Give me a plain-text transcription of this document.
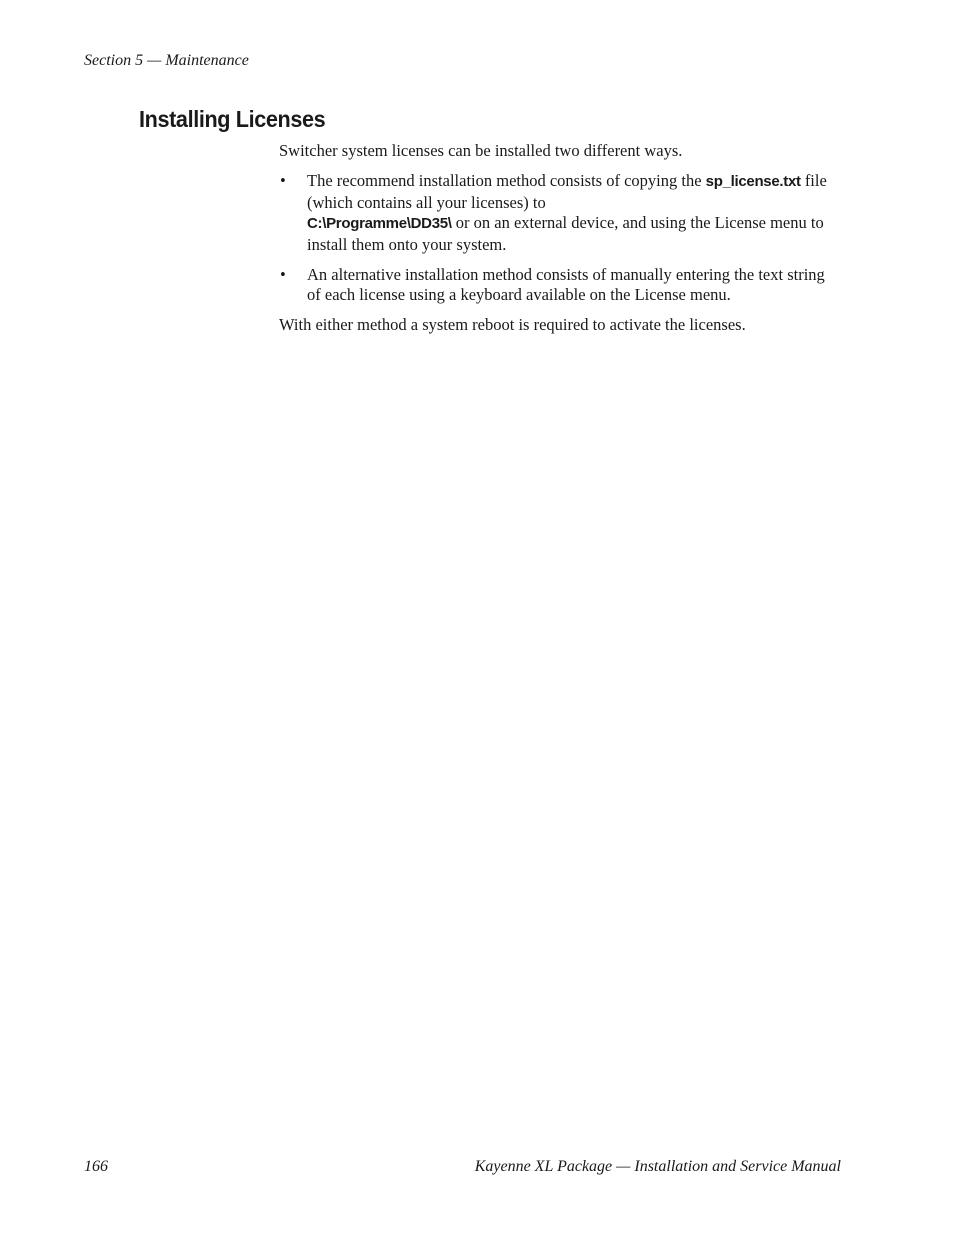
Section 5 — Maintenance
Installing Licenses

Switcher system licenses can be installed two different ways.

• The recommend installation method consists of copying the sp_license.txt file (which contains all your licenses) to
C:\Programme\DD35\ or on an external device, and using the License menu to install them onto your system.
• An alternative installation method consists of manually entering the text string of each license using a keyboard available on the License menu.

With either method a system reboot is required to activate the licenses.

166	Kayenne XL Package — Installation and Service Manual
